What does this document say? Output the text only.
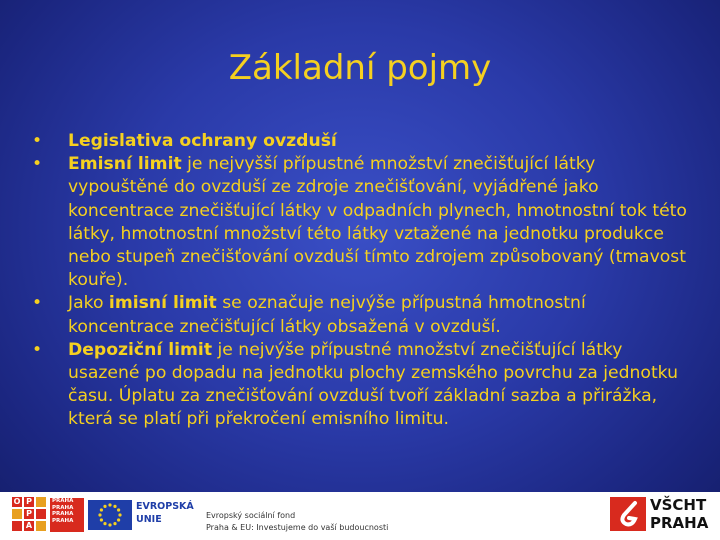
Základní pojmy
• Legislativa ochrany ovzduší
• Emisní limit je nejvyšší přípustné množství znečišťující látky vypouštěné do ovzduší ze zdroje znečišťování, vyjádřené jako koncentrace znečišťující látky v odpadních plynech, hmotnostní tok této látky, hmotnostní množství této látky vztažené na jednotku produkce nebo stupeň znečišťování ovzduší tímto zdrojem způsobovaný (tmavost kouře).
• Jako imisní limit se označuje nejvýše přípustná hmotnostní koncentrace znečišťující látky obsažená v ovzduší.
• Depoziční limit je nejvýše přípustné množství znečišťující látky usazené po dopadu na jednotku plochy zemského povrchu za jednotku času. Úplatu za znečišťování ovzduší tvoří základní sazba a přirážka, která se platí při překročení emisního limitu.
O P
P
A
PRAHA
PRAHA
PRAHA
PRAHA
EVROPSKÁ
UNIE	Evropský sociální fond
Praha & EU: Investujeme do vaší budoucnosti
VŠCHT
PRAHA
